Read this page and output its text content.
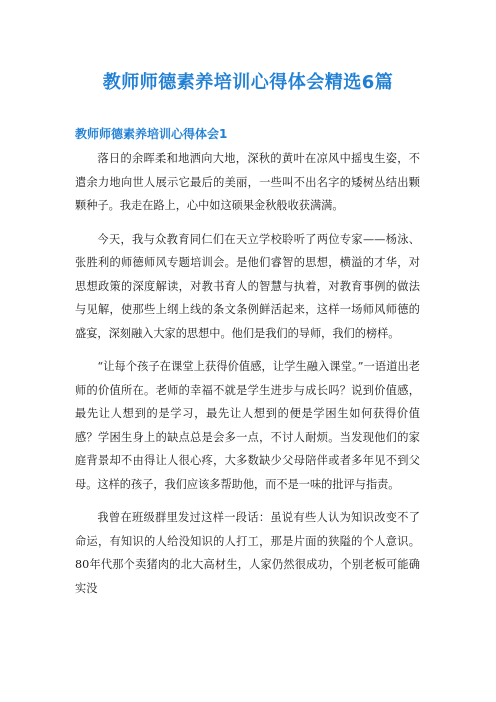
教师师德素养培训心得体会精选6篇
教师师德素养培训心得体会1

落日的余晖柔和地洒向大地，深秋的黄叶在凉风中摇曳生姿，不遣余力地向世人展示它最后的美丽，一些叫不出名字的矮树丛结出颗颗种子。我走在路上，心中如这硕果金秋般收获满满。

今天，我与众教育同仁们在天立学校聆听了两位专家——杨泳、张胜利的师德师风专题培训会。是他们睿智的思想，横溢的才华，对思想政策的深度解读，对教书育人的智慧与执着，对教育事例的做法与见解，使那些上纲上线的条文条例鲜活起来，这样一场师风师德的盛宴，深刻融入大家的思想中。他们是我们的导师，我们的榜样。

“让每个孩子在课堂上获得价值感，让学生融入课堂。”一语道出老师的价值所在。老师的幸福不就是学生进步与成长吗？说到价值感，最先让人想到的是学习，最先让人想到的便是学困生如何获得价值感？学困生身上的缺点总是会多一点，不讨人耐烦。当发现他们的家庭背景却不由得让人很心疼，大多数缺少父母陪伴或者多年见不到父母。这样的孩子，我们应该多帮助他，而不是一味的批评与指责。

我曾在班级群里发过这样一段话：虽说有些人认为知识改变不了命运，有知识的人给没知识的人打工，那是片面的狭隘的个人意识。80年代那个卖猪肉的北大高材生，人家仍然很成功，个别老板可能确实没
